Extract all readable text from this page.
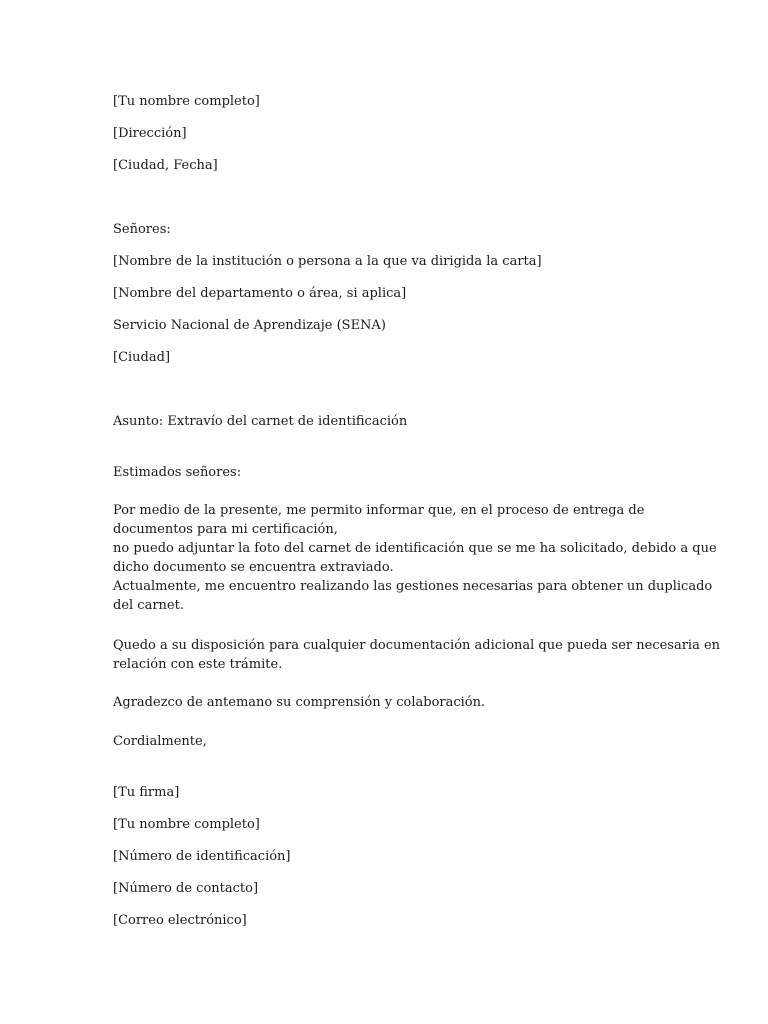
[Tu nombre completo]

[Dirección]

[Ciudad, Fecha]

Señores:

[Nombre de la institución o persona a la que va dirigida la carta]

[Nombre del departamento o área, si aplica]

Servicio Nacional de Aprendizaje (SENA)

[Ciudad]

Asunto: Extravío del carnet de identificación

Estimados señores:

Por medio de la presente, me permito informar que, en el proceso de entrega de
documentos para mi certificación,
no puedo adjuntar la foto del carnet de identificación que se me ha solicitado, debido a que
dicho documento se encuentra extraviado.
Actualmente, me encuentro realizando las gestiones necesarias para obtener un duplicado
del carnet.
Quedo a su disposición para cualquier documentación adicional que pueda ser necesaria en
relación con este trámite.

Agradezco de antemano su comprensión y colaboración.

Cordialmente,

[Tu firma]

[Tu nombre completo]

[Número de identificación]

[Número de contacto]

[Correo electrónico]
